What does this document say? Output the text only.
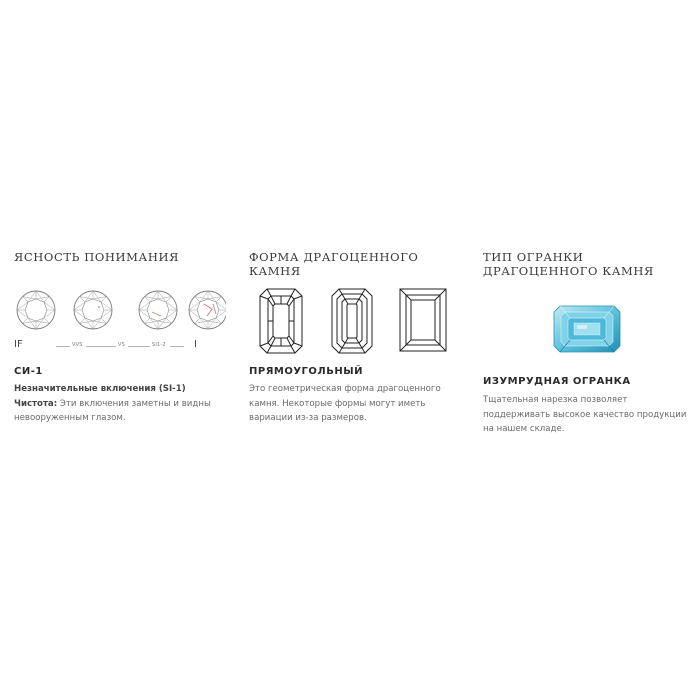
ЯСНОСТЬ ПОНИМАНИЯ
IF	VVS	VS	SI1-2	I
СИ-1

Незначительные включения (SI-1) Чистота: Эти включения заметны и видны невооруженным глазом.

ФОРМА ДРАГОЦЕННОГО КАМНЯ
ПРЯМОУГОЛЬНЫЙ

Это геометрическая форма драгоценного камня. Некоторые формы могут иметь вариации из-за размеров.

ТИП ОГРАНКИ ДРАГОЦЕННОГО КАМНЯ
ИЗУМРУДНАЯ ОГРАНКА

Тщательная нарезка позволяет поддерживать высокое качество продукции на нашем складе.
